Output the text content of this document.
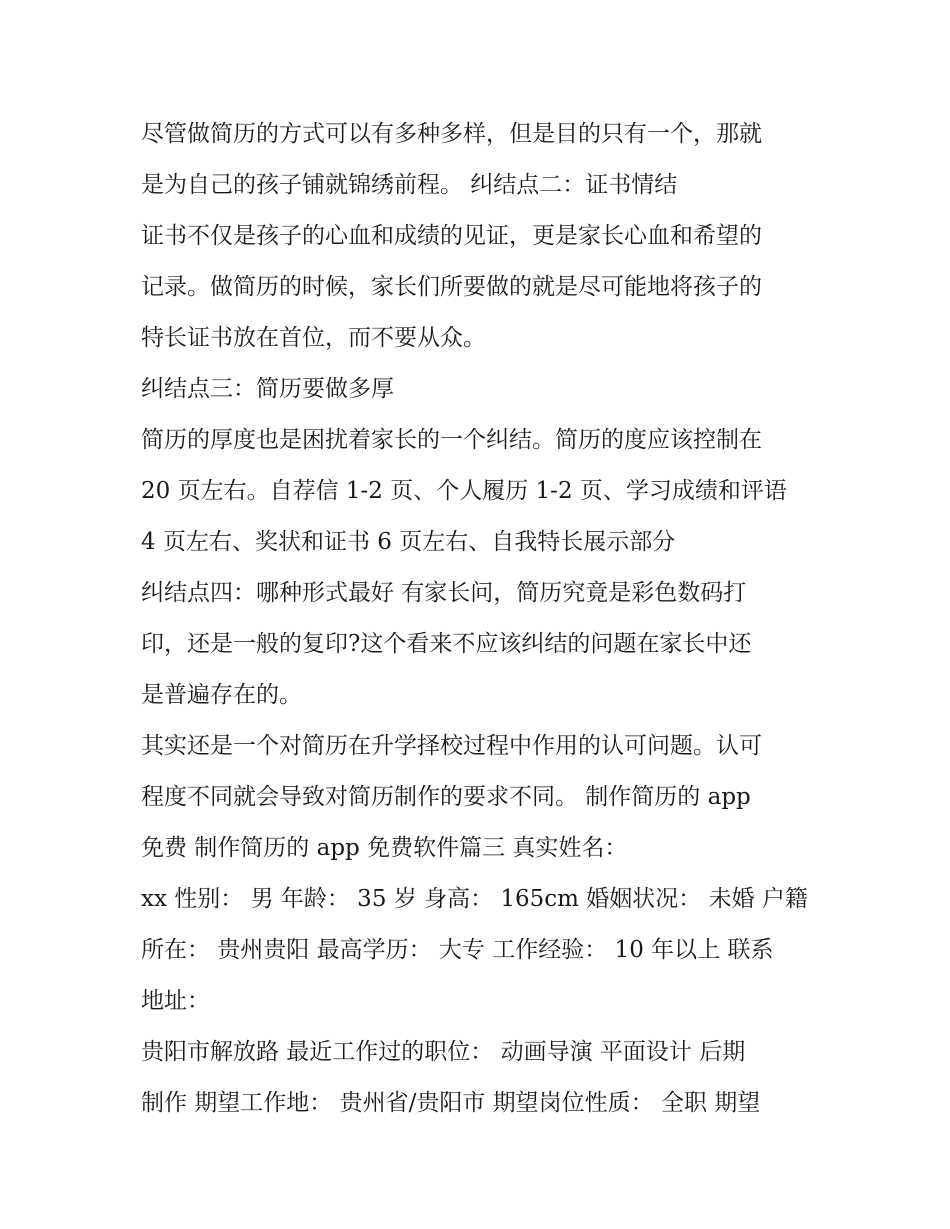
尽管做简历的方式可以有多种多样，但是目的只有一个，那就
是为自己的孩子铺就锦绣前程。 纠结点二：证书情结
证书不仅是孩子的心血和成绩的见证，更是家长心血和希望的
记录。做简历的时候，家长们所要做的就是尽可能地将孩子的
特长证书放在首位，而不要从众。
纠结点三：简历要做多厚
简历的厚度也是困扰着家长的一个纠结。简历的度应该控制在
20 页左右。自荐信 1-2 页、个人履历 1-2 页、学习成绩和评语
4 页左右、奖状和证书 6 页左右、自我特长展示部分
纠结点四：哪种形式最好 有家长问，简历究竟是彩色数码打
印，还是一般的复印?这个看来不应该纠结的问题在家长中还
是普遍存在的。
其实还是一个对简历在升学择校过程中作用的认可问题。认可
程度不同就会导致对简历制作的要求不同。 制作简历的 app
免费 制作简历的 app 免费软件篇三 真实姓名：
xx 性别： 男 年龄： 35 岁 身高： 165cm 婚姻状况： 未婚 户籍
所在： 贵州贵阳 最高学历： 大专 工作经验： 10 年以上 联系
地址：
贵阳市解放路 最近工作过的职位： 动画导演 平面设计 后期
制作 期望工作地： 贵州省/贵阳市 期望岗位性质： 全职 期望
